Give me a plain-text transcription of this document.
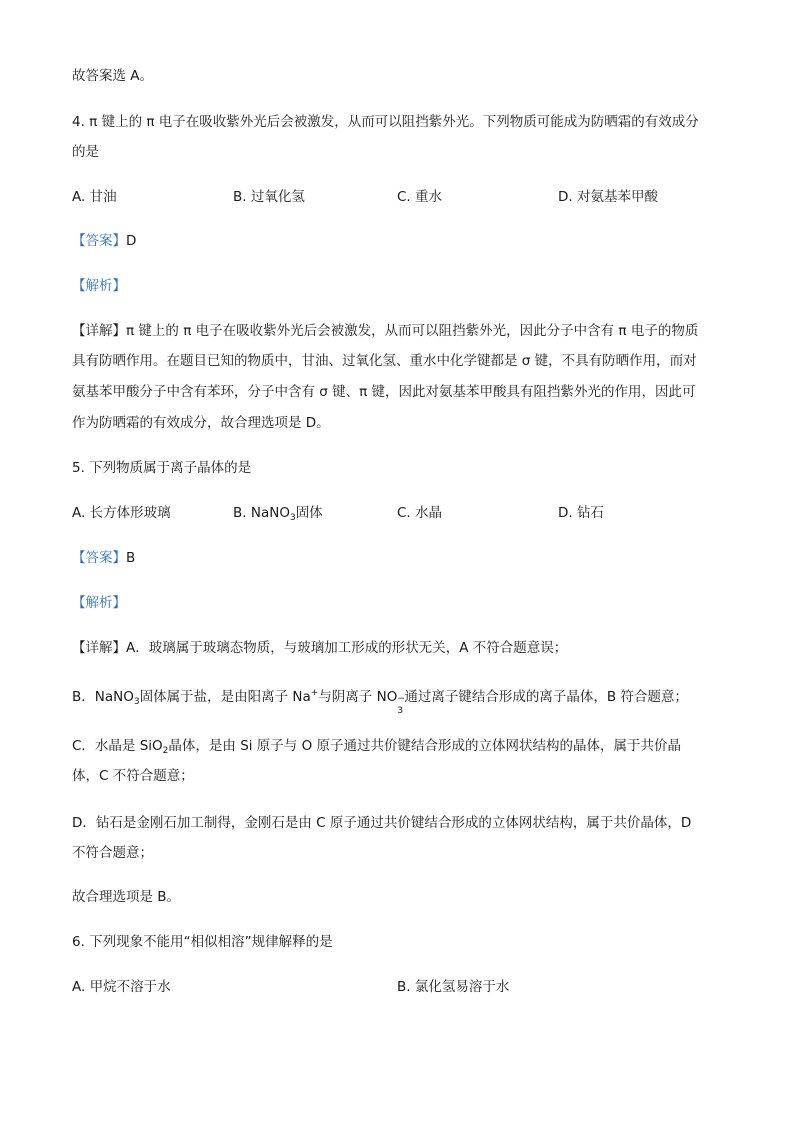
故答案选 A。
4. π 键上的 π 电子在吸收紫外光后会被激发，从而可以阻挡紫外光。下列物质可能成为防晒霜的有效成分
的是
A. 甘油	B. 过氧化氢	C. 重水	D. 对氨基苯甲酸
【答案】D
【解析】
【详解】π 键上的 π 电子在吸收紫外光后会被激发，从而可以阻挡紫外光，因此分子中含有 π 电子的物质
具有防晒作用。在题目已知的物质中，甘油、过氧化氢、重水中化学键都是 σ 键，不具有防晒作用，而对
氨基苯甲酸分子中含有苯环，分子中含有 σ 键、π 键，因此对氨基苯甲酸具有阻挡紫外光的作用，因此可
作为防晒霜的有效成分，故合理选项是 D。
5. 下列物质属于离子晶体的是
A. 长方体形玻璃	B. NaNO$_3$固体	C. 水晶	D. 钻石
【答案】B
【解析】
【详解】A．玻璃属于玻璃态物质，与玻璃加工形成的形状无关，A 不符合题意误；
B．NaNO$_3$固体属于盐，是由阳离子 Na+与阴离子 NO −
3
通过离子键结合形成的离子晶体，B 符合题意；
C．水晶是 SiO$_2$晶体，是由 Si 原子与 O 原子通过共价键结合形成的立体网状结构的晶体，属于共价晶
体，C 不符合题意；
D．钻石是金刚石加工制得，金刚石是由 C 原子通过共价键结合形成的立体网状结构，属于共价晶体，D
不符合题意；
故合理选项是 B。
6. 下列现象不能用“相似相溶”规律解释的是
A. 甲烷不溶于水	B. 氯化氢易溶于水
